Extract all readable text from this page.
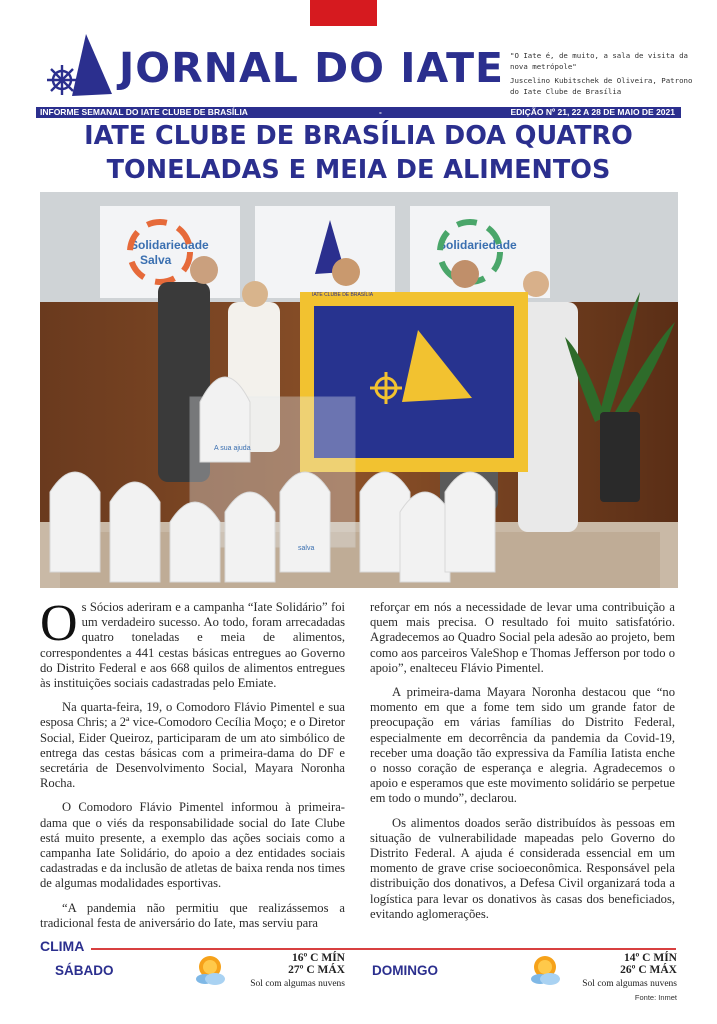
JORNAL DO IATE "O Iate é, de muito, a sala de visita da nova metrópole"

Juscelino Kubitschek de Oliveira, Patrono do Iate Clube de Brasília

INFORME SEMANAL DO IATE CLUBE DE BRASÍLIA	-	EDIÇÃO Nº 21, 22 A 28 DE MAIO DE 2021
IATE CLUBE DE BRASÍLIA DOA QUATRO
TONELADAS E MEIA DE ALIMENTOS
Solidariedade
Salva
Solidariedade
A sua ajuda
salva
IATE CLUBE DE BRASÍLIA

Os Sócios aderiram e a campanha “Iate Solidário” foi um verdadeiro sucesso. Ao todo, foram arrecadadas quatro toneladas e meia de alimentos, correspondentes a 441 cestas básicas entregues ao Governo do Distrito Federal e aos 668 quilos de alimentos entregues às instituições sociais cadastradas pelo Emiate.

Na quarta-feira, 19, o Comodoro Flávio Pimentel e sua esposa Chris; a 2ª vice-Comodoro Cecília Moço; e o Diretor Social, Eider Queiroz, participaram de um ato simbólico de entrega das cestas básicas com a primeira-dama do DF e secretária de Desenvolvimento Social, Mayara Noronha Rocha.

O Comodoro Flávio Pimentel informou à primeira-dama que o viés da responsabilidade social do Iate Clube está muito presente, a exemplo das ações sociais como a campanha Iate Solidário, do apoio a dez entidades sociais cadastradas e da inclusão de atletas de baixa renda nos times de algumas modalidades esportivas.

“A pandemia não permitiu que realizássemos a tradicional festa de aniversário do Iate, mas serviu para

reforçar em nós a necessidade de levar uma contribuição a quem mais precisa. O resultado foi muito satisfatório. Agradecemos ao Quadro Social pela adesão ao projeto, bem como aos parceiros ValeShop e Thomas Jefferson por todo o apoio”, enalteceu Flávio Pimentel.

A primeira-dama Mayara Noronha destacou que “no momento em que a fome tem sido um grande fator de preocupação em várias famílias do Distrito Federal, especialmente em decorrência da pandemia da Covid-19, receber uma doação tão expressiva da Família Iatista enche o nosso coração de esperança e alegria. Agradecemos o apoio e esperamos que este movimento solidário se perpetue em todo o mundo”, declarou.

Os alimentos doados serão distribuídos às pessoas em situação de vulnerabilidade mapeadas pelo Governo do Distrito Federal. A ajuda é considerada essencial em um momento de grave crise socioeconômica. Responsável pela distribuição dos donativos, a Defesa Civil organizará toda a logística para levar os donativos às casas dos beneficiados, evitando aglomerações.

CLIMA
SÁBADO
16º C MÍN
27º C MÁX
Sol com algumas nuvens
DOMINGO
14º C MÍN
26º C MÁX
Sol com algumas nuvens
Fonte: Inmet
